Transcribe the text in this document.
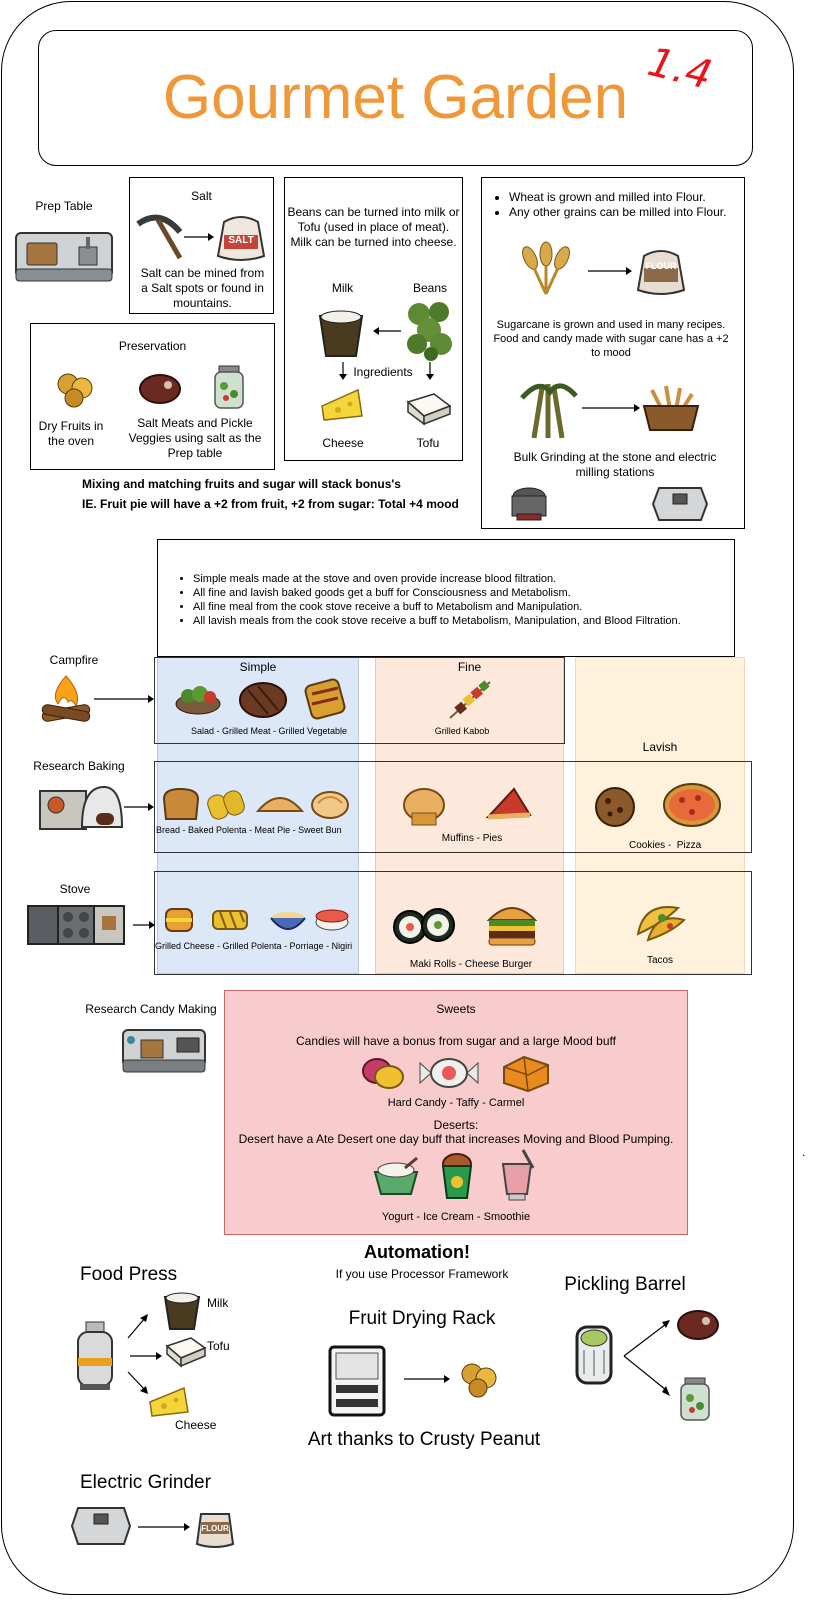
Gourmet Garden 1.4
Prep Table
Salt
SALT
Salt can be mined from a Salt spots or found in mountains.
Beans can be turned into milk or Tofu (used in place of meat). Milk can be turned into cheese.
Milk	Beans
Ingredients
Cheese	Tofu
Preservation
Dry Fruits in the oven
Salt Meats and Pickle Veggies using salt as the Prep table
Mixing and matching fruits and sugar will stack bonus's
IE. Fruit pie will have a +2 from fruit, +2 from sugar: Total +4 mood
• Wheat is grown and milled into Flour.
• Any other grains can be milled into Flour.
FLOUR
Sugarcane is grown and used in many recipes. Food and candy made with sugar cane has a +2 to mood
Bulk Grinding at the stone and electric milling stations
• Simple meals made at the stove and oven provide increase blood filtration.
• All fine and lavish baked goods get a buff for Consciousness and Metabolism.
• All fine meal from the cook stove receive a buff to Metabolism and Manipulation.
• All lavish meals from the cook stove receive a buff to Metabolism, Manipulation, and Blood Filtration.
Simple	Fine
Lavish
Campfire
Salad - Grilled Meat - Grilled Vegetable	Grilled Kabob
Research Baking
Bread - Baked Polenta - Meat Pie - Sweet Bun
Muffins - Pies
Cookies -  Pizza
Stove
Grilled Cheese - Grilled Polenta - Porriage - Nigiri
Maki Rolls - Cheese Burger	Tacos
Research Candy Making	Sweets
Candies will have a bonus from sugar and a large Mood buff
Hard Candy - Taffy - Carmel
Deserts:
Desert have a Ate Desert one day buff that increases Moving and Blood Pumping.
Yogurt - Ice Cream - Smoothie
.
Automation!
If you use Processor Framework
Food Press
Milk
Tofu
Cheese
Fruit Drying Rack
Art thanks to Crusty Peanut
Pickling Barrel
Electric Grinder
FLOUR
